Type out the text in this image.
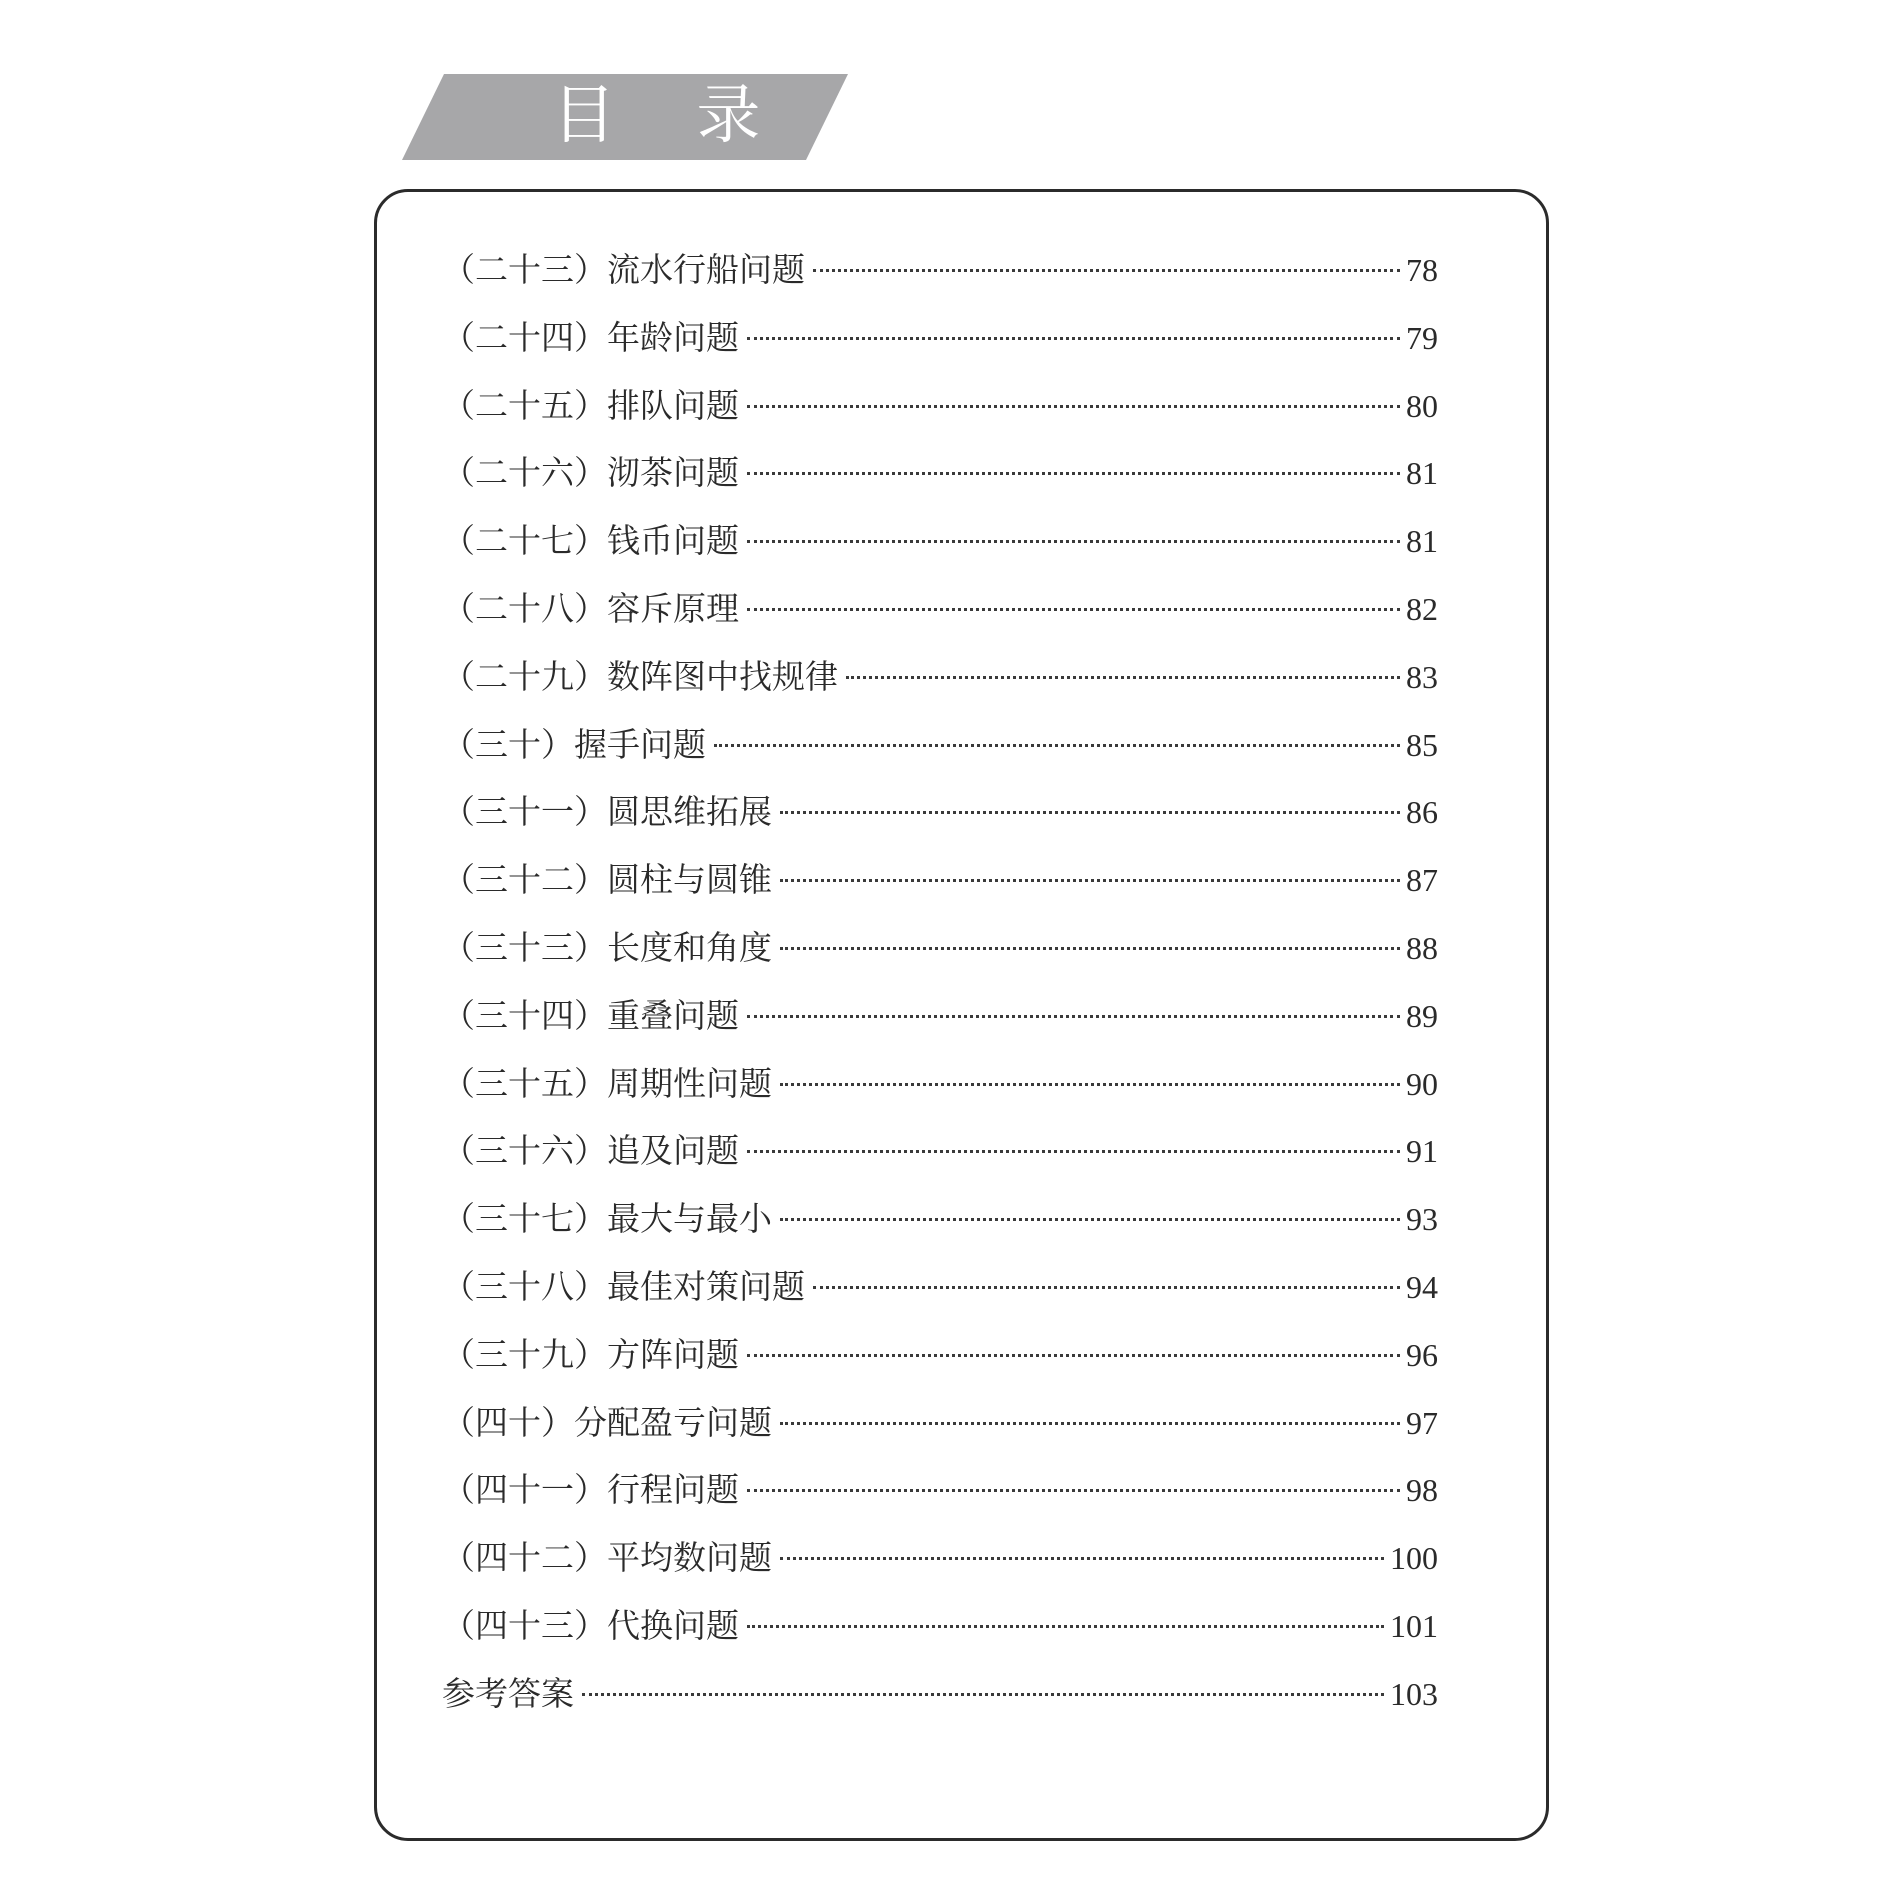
目 录
（二十三） 流水行船问题	78
（二十四） 年龄问题	79
（二十五） 排队问题	80
（二十六） 沏茶问题	81
（二十七） 钱币问题	81
（二十八） 容斥原理	82
（二十九） 数阵图中找规律	83
（三十） 握手问题	85
（三十一） 圆思维拓展	86
（三十二） 圆柱与圆锥	87
（三十三） 长度和角度	88
（三十四） 重叠问题	89
（三十五） 周期性问题	90
（三十六） 追及问题	91
（三十七） 最大与最小	93
（三十八） 最佳对策问题	94
（三十九） 方阵问题	96
（四十） 分配盈亏问题	97
（四十一） 行程问题	98
（四十二） 平均数问题	100
（四十三） 代换问题	101
参考答案	103
